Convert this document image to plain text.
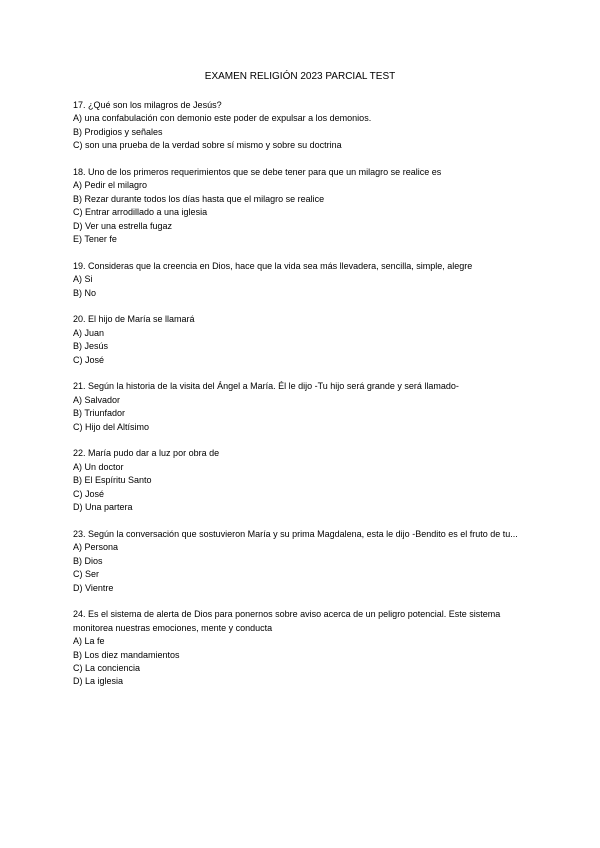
EXAMEN RELIGIÓN 2023 PARCIAL TEST
17. ¿Qué son los milagros de Jesús?
A) una confabulación con demonio este poder de expulsar a los demonios.
B) Prodigios y señales
C) son una prueba de la verdad sobre sí mismo y sobre su doctrina
18. Uno de los primeros requerimientos que se debe tener para que un milagro se realice es
A) Pedir el milagro
B) Rezar durante todos los días hasta que el milagro se realice
C) Entrar arrodillado a una iglesia
D) Ver una estrella fugaz
E) Tener fe
19. Consideras que la creencia en Dios, hace que la vida sea más llevadera, sencilla, simple, alegre
A) Si
B) No
20. El hijo de María se llamará
A) Juan
B) Jesús
C) José
21. Según la historia de la visita del Ángel a María. Él le dijo -Tu hijo será grande y será llamado-
A) Salvador
B) Triunfador
C) Hijo del Altísimo
22. María pudo dar a luz por obra de
A) Un doctor
B) El Espíritu Santo
C) José
D) Una partera
23. Según la conversación que sostuvieron María y su prima Magdalena, esta le dijo -Bendito es el fruto de tu...
A) Persona
B) Dios
C) Ser
D) Vientre
24. Es el sistema de alerta de Dios para ponernos sobre aviso acerca de un peligro potencial. Este sistema monitorea nuestras emociones, mente y conducta
A) La fe
B) Los diez mandamientos
C) La conciencia
D) La iglesia
